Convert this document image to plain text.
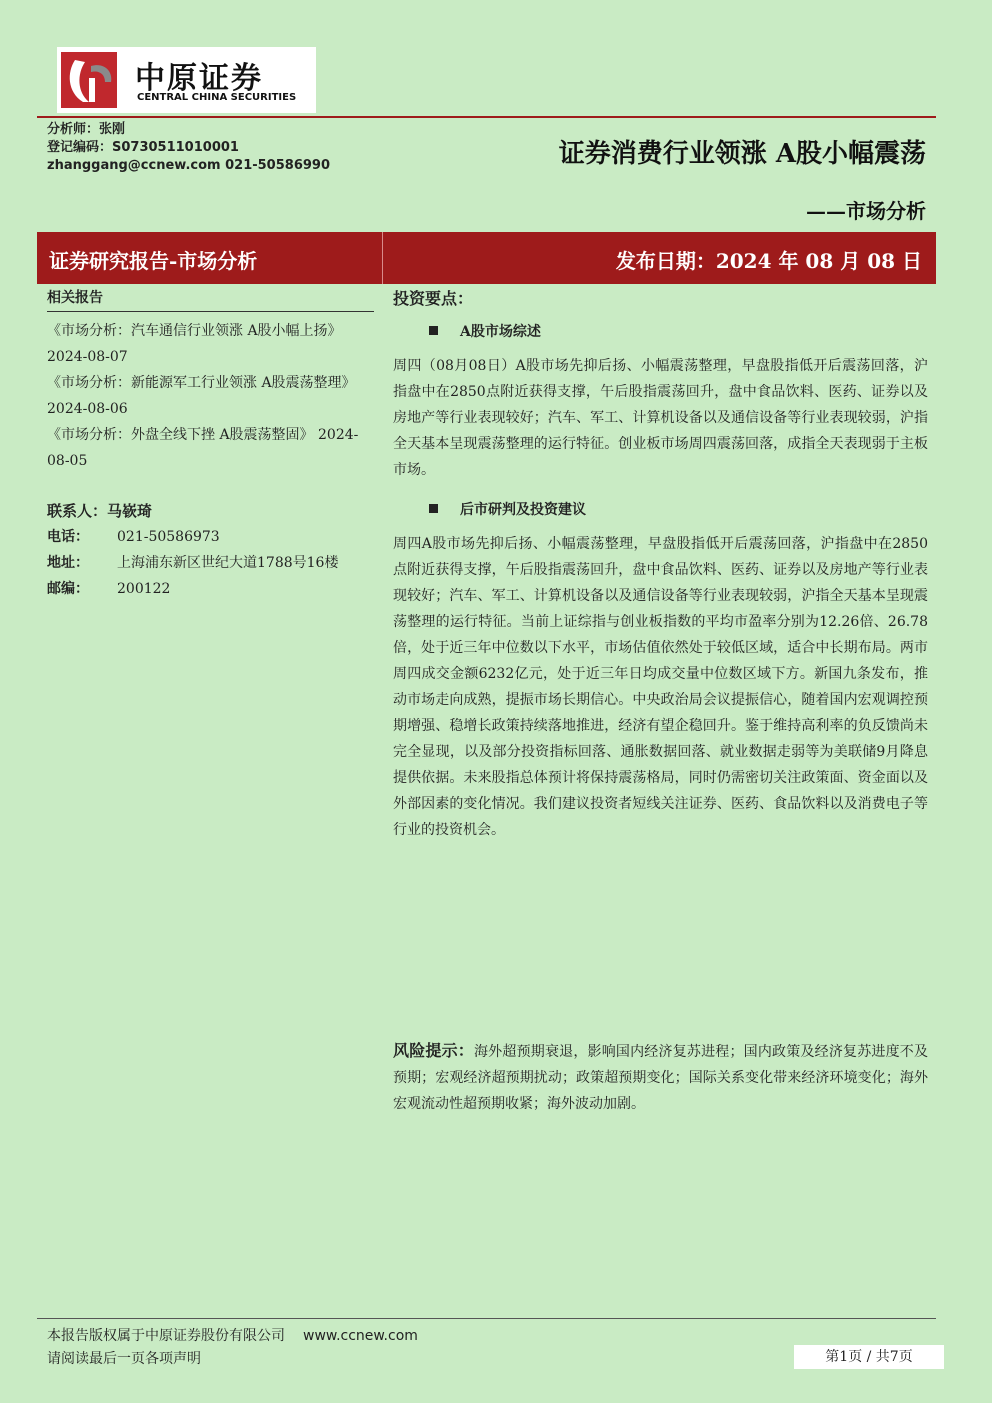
中原证券
CENTRAL CHINA SECURITIES
分析师：张刚
登记编码：S0730511010001
zhanggang@ccnew.com 021-50586990	证券消费行业领涨 A股小幅震荡
——市场分析
证券研究报告-市场分析	发布日期：2024 年 08 月 08 日
相关报告

《市场分析：汽车通信行业领涨 A股小幅上扬》 2024-08-07

《市场分析：新能源军工行业领涨 A股震荡整理》 2024-08-06

《市场分析：外盘全线下挫 A股震荡整固》 2024-08-05

联系人：马嵚琦
电话： 021-50586973
地址： 上海浦东新区世纪大道1788号16楼
邮编： 200122
投资要点：
A股市场综述

周四（08月08日）A股市场先抑后扬、小幅震荡整理，早盘股指低开后震荡回落，沪指盘中在2850点附近获得支撑，午后股指震荡回升，盘中食品饮料、医药、证券以及房地产等行业表现较好；汽车、军工、计算机设备以及通信设备等行业表现较弱，沪指全天基本呈现震荡整理的运行特征。创业板市场周四震荡回落，成指全天表现弱于主板市场。

后市研判及投资建议

周四A股市场先抑后扬、小幅震荡整理，早盘股指低开后震荡回落，沪指盘中在2850点附近获得支撑，午后股指震荡回升，盘中食品饮料、医药、证券以及房地产等行业表现较好；汽车、军工、计算机设备以及通信设备等行业表现较弱，沪指全天基本呈现震荡整理的运行特征。当前上证综指与创业板指数的平均市盈率分别为12.26倍、26.78倍，处于近三年中位数以下水平，市场估值依然处于较低区域，适合中长期布局。两市周四成交金额6232亿元，处于近三年日均成交量中位数区域下方。新国九条发布，推动市场走向成熟，提振市场长期信心。中央政治局会议提振信心，随着国内宏观调控预期增强、稳增长政策持续落地推进，经济有望企稳回升。鉴于维持高利率的负反馈尚未完全显现，以及部分投资指标回落、通胀数据回落、就业数据走弱等为美联储9月降息提供依据。未来股指总体预计将保持震荡格局，同时仍需密切关注政策面、资金面以及外部因素的变化情况。我们建议投资者短线关注证券、医药、食品饮料以及消费电子等行业的投资机会。

风险提示：海外超预期衰退，影响国内经济复苏进程；国内政策及经济复苏进度不及预期；宏观经济超预期扰动；政策超预期变化；国际关系变化带来经济环境变化；海外宏观流动性超预期收紧；海外波动加剧。
本报告版权属于中原证券股份有限公司 www.ccnew.com
请阅读最后一页各项声明	第1页 / 共7页
